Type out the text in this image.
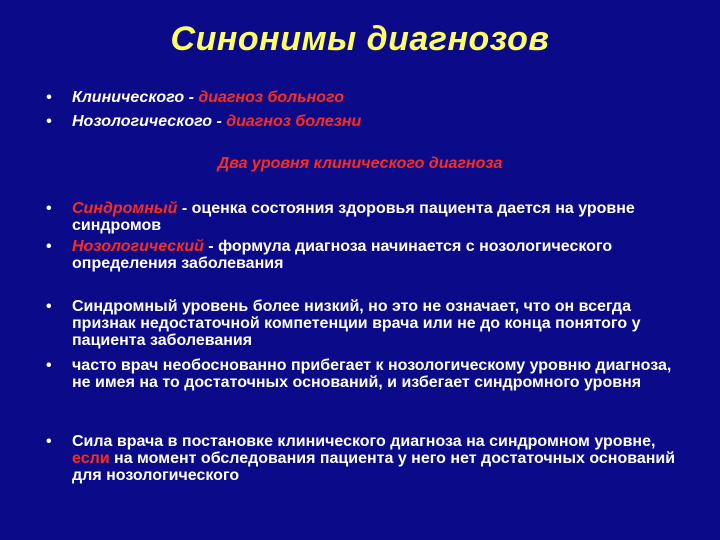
Синонимы диагнозов
• Клинического - диагноз больного
• Нозологического - диагноз болезни
Два уровня клинического диагноза
• Синдромный - оценка состояния здоровья пациента дается на уровне синдромов
• Нозологический - формула диагноза начинается с нозологического определения заболевания
• Синдромный уровень более низкий, но это не означает, что он всегда признак недостаточной компетенции врача или не до конца понятого у пациента заболевания
• часто врач необоснованно прибегает к нозологическому уровню диагноза, не имея на то достаточных оснований, и избегает синдромного уровня
• Сила врача в постановке клинического диагноза на синдромном уровне, если на момент обследования пациента у него нет достаточных оснований для нозологического
